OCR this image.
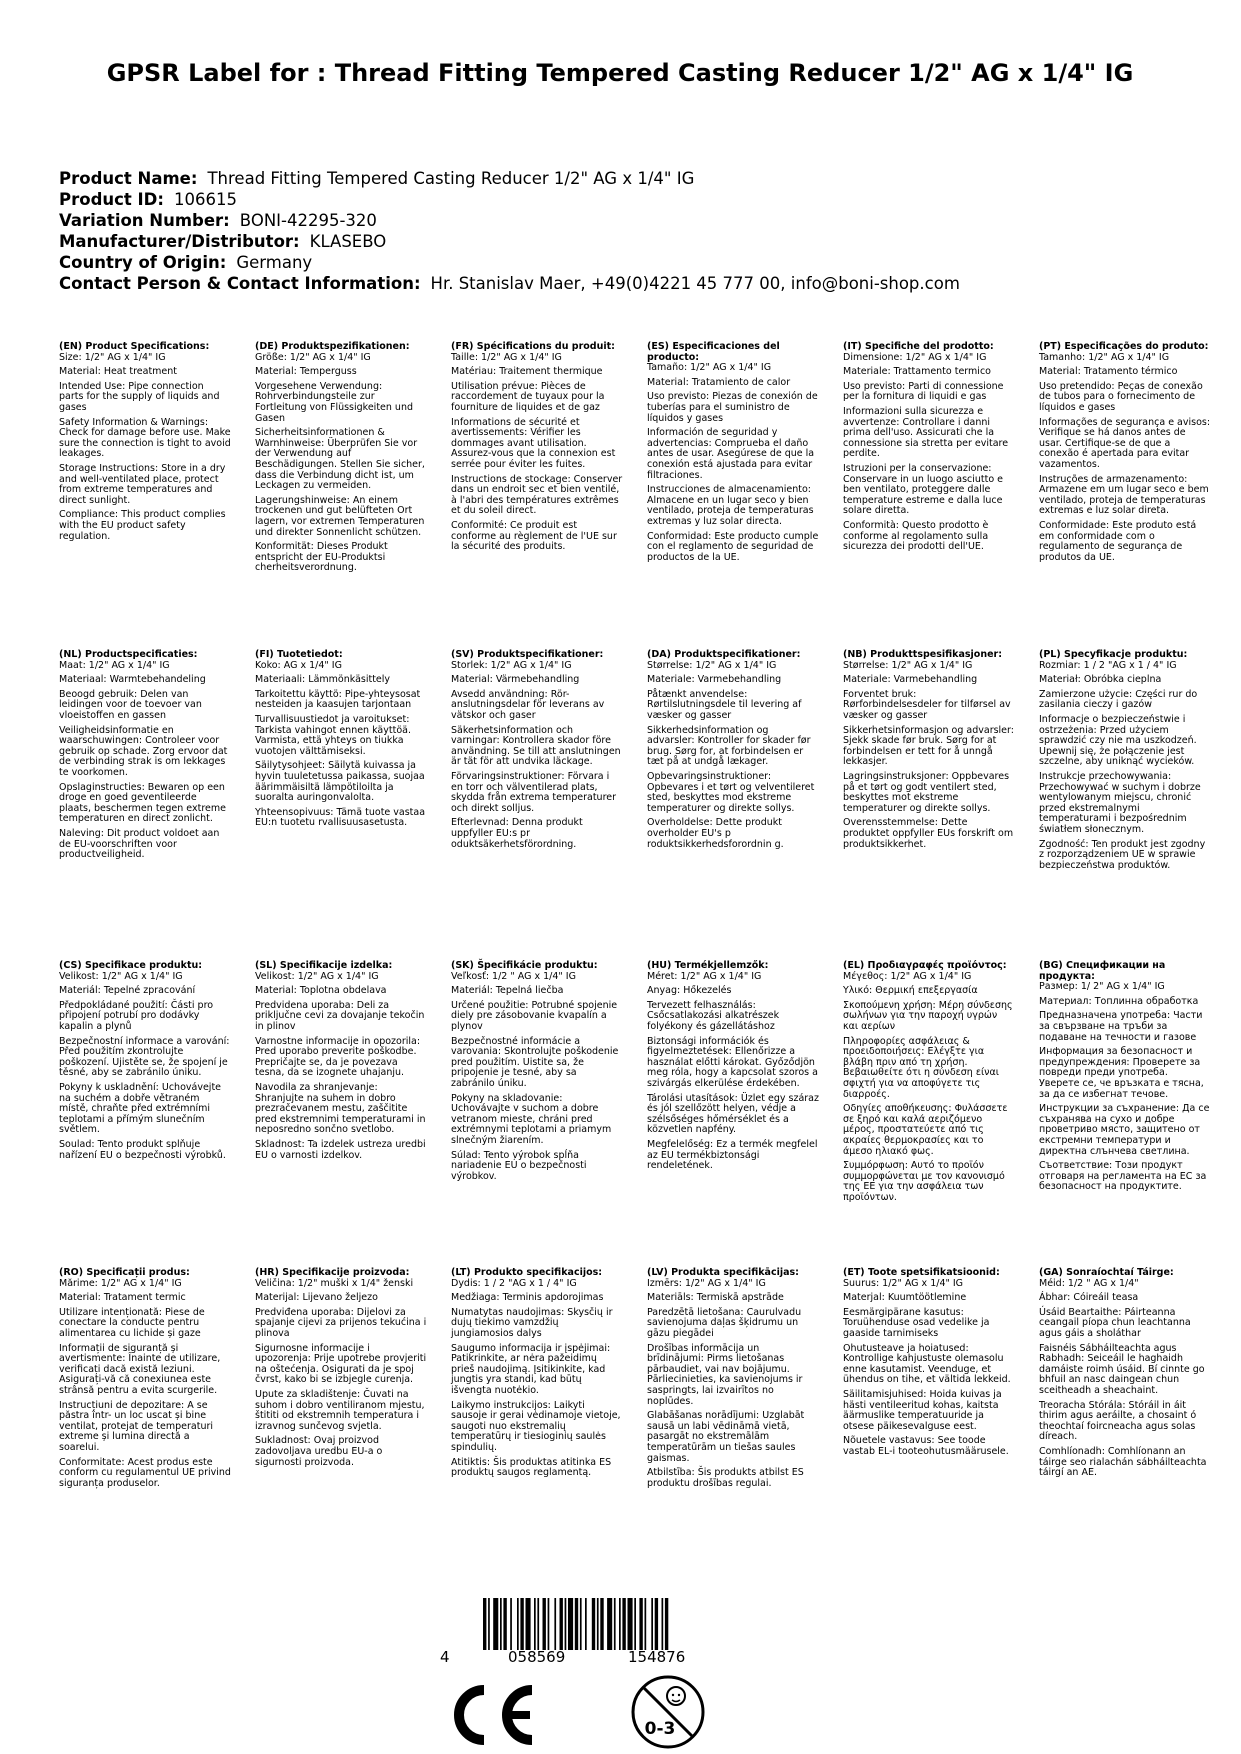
GPSR Label for : Thread Fitting Tempered Casting Reducer 1/2" AG x 1/4" IG
Product Name: Thread Fitting Tempered Casting Reducer 1/2" AG x 1/4" IG
Product ID: 106615
Variation Number: BONI-42295-320
Manufacturer/Distributor: KLASEBO
Country of Origin: Germany
Contact Person & Contact Information: Hr. Stanislav Maer, +49(0)4221 45 777 00, info@boni-shop.com
(EN) Product Specifications:
Size: 1/2" AG x 1/4" IG
Material: Heat treatment
Intended Use: Pipe connection parts for the supply of liquids and gases
Safety Information & Warnings: Check for damage before use. Make sure the connection is tight to avoid leakages.
Storage Instructions: Store in a dry and well-ventilated place, protect from extreme temperatures and direct sunlight.
Compliance: This product complies with the EU product safety regulation.
(DE) Produktspezifikationen:
Größe: 1/2" AG x 1/4" IG
Material: Temperguss
Vorgesehene Verwendung: Rohrverbindungsteile zur Fortleitung von Flüssigkeiten und Gasen
Sicherheitsinformationen & Warnhinweise: Überprüfen Sie vor der Verwendung auf Beschädigungen. Stellen Sie sicher, dass die Verbindung dicht ist, um Leckagen zu vermeiden.
Lagerungshinweise: An einem trockenen und gut belüfteten Ort lagern, vor extremen Temperaturen und direkter Sonnenlicht schützen.
Konformität: Dieses Produkt entspricht der EU-Produktsi cherheitsverordnung.
(FR) Spécifications du produit:
Taille: 1/2" AG x 1/4" IG
Matériau: Traitement thermique
Utilisation prévue: Pièces de raccordement de tuyaux pour la fourniture de liquides et de gaz
Informations de sécurité et avertissements: Vérifier les dommages avant utilisation. Assurez-vous que la connexion est serrée pour éviter les fuites.
Instructions de stockage: Conserver dans un endroit sec et bien ventilé, à l'abri des températures extrêmes et du soleil direct.
Conformité: Ce produit est conforme au règlement de l'UE sur la sécurité des produits.
(ES) Especificaciones del producto:
Tamaño: 1/2" AG x 1/4" IG
Material: Tratamiento de calor
Uso previsto: Piezas de conexión de tuberías para el suministro de líquidos y gases
Información de seguridad y advertencias: Comprueba el daño antes de usar. Asegúrese de que la conexión está ajustada para evitar filtraciones.
Instrucciones de almacenamiento: Almacene en un lugar seco y bien ventilado, proteja de temperaturas extremas y luz solar directa.
Conformidad: Este producto cumple con el reglamento de seguridad de productos de la UE.
(IT) Specifiche del prodotto:
Dimensione: 1/2" AG x 1/4" IG
Materiale: Trattamento termico
Uso previsto: Parti di connessione per la fornitura di liquidi e gas
Informazioni sulla sicurezza e avvertenze: Controllare i danni prima dell'uso. Assicurati che la connessione sia stretta per evitare perdite.
Istruzioni per la conservazione: Conservare in un luogo asciutto e ben ventilato, proteggere dalle temperature estreme e dalla luce solare diretta.
Conformità: Questo prodotto è conforme al regolamento sulla sicurezza dei prodotti dell'UE.
(PT) Especificações do produto:
Tamanho: 1/2" AG x 1/4" IG
Material: Tratamento térmico
Uso pretendido: Peças de conexão de tubos para o fornecimento de líquidos e gases
Informações de segurança e avisos: Verifique se há danos antes de usar. Certifique-se de que a conexão é apertada para evitar vazamentos.
Instruções de armazenamento: Armazene em um lugar seco e bem ventilado, proteja de temperaturas extremas e luz solar direta.
Conformidade: Este produto está em conformidade com o regulamento de segurança de produtos da UE.
(NL) Productspecificaties:
Maat: 1/2" AG x 1/4" IG
Materiaal: Warmtebehandeling
Beoogd gebruik: Delen van leidingen voor de toevoer van vloeistoffen en gassen
Veiligheidsinformatie en waarschuwingen: Controleer voor gebruik op schade. Zorg ervoor dat de verbinding strak is om lekkages te voorkomen.
Opslaginstructies: Bewaren op een droge en goed geventileerde plaats, beschermen tegen extreme temperaturen en direct zonlicht.
Naleving: Dit product voldoet aan de EU-voorschriften voor productveiligheid.
(FI) Tuotetiedot:
Koko: AG x 1/4" IG
Materiaali: Lämmönkäsittely
Tarkoitettu käyttö: Pipe-yhteysosat nesteiden ja kaasujen tarjontaan
Turvallisuustiedot ja varoitukset: Tarkista vahingot ennen käyttöä. Varmista, että yhteys on tiukka vuotojen välttämiseksi.
Säilytysohjeet: Säilytä kuivassa ja hyvin tuuletetussa paikassa, suojaa äärimmäisiltä lämpötiloilta ja suoralta auringonvalolta.
Yhteensopivuus: Tämä tuote vastaa EU:n tuotetu rvallisuusasetusta.
(SV) Produktspecifikationer:
Storlek: 1/2" AG x 1/4" IG
Material: Värmebehandling
Avsedd användning: Rör-anslutningsdelar för leverans av vätskor och gaser
Säkerhetsinformation och varningar: Kontrollera skador före användning. Se till att anslutningen är tät för att undvika läckage.
Förvaringsinstruktioner: Förvara i en torr och välventilerad plats, skydda från extrema temperaturer och direkt solljus.
Efterlevnad: Denna produkt uppfyller EU:s pr oduktsäkerhetsförordning.
(DA) Produktspecifikationer:
Størrelse: 1/2" AG x 1/4" IG
Materiale: Varmebehandling
Påtænkt anvendelse: Rørtilslutningsdele til levering af væsker og gasser
Sikkerhedsinformation og advarsler: Kontroller for skader før brug. Sørg for, at forbindelsen er tæt på at undgå lækager.
Opbevaringsinstruktioner: Opbevares i et tørt og velventileret sted, beskyttes mod ekstreme temperaturer og direkte sollys.
Overholdelse: Dette produkt overholder EU's p roduktsikkerhedsforordnin g.
(NB) Produkttspesifikasjoner:
Størrelse: 1/2" AG x 1/4" IG
Materiale: Varmebehandling
Forventet bruk: Rørforbindelsesdeler for tilførsel av væsker og gasser
Sikkerhetsinformasjon og advarsler: Sjekk skade før bruk. Sørg for at forbindelsen er tett for å unngå lekkasjer.
Lagringsinstruksjoner: Oppbevares på et tørt og godt ventilert sted, beskyttes mot ekstreme temperaturer og direkte sollys.
Overensstemmelse: Dette produktet oppfyller EUs forskrift om produktsikkerhet.
(PL) Specyfikacje produktu:
Rozmiar: 1 / 2 "AG x 1 / 4" IG
Materiał: Obróbka cieplna
Zamierzone użycie: Części rur do zasilania cieczy i gazów
Informacje o bezpieczeństwie i ostrzeżenia: Przed użyciem sprawdzić czy nie ma uszkodzeń. Upewnij się, że połączenie jest szczelne, aby uniknąć wycieków.
Instrukcje przechowywania: Przechowywać w suchym i dobrze wentylowanym miejscu, chronić przed ekstremalnymi temperaturami i bezpośrednim światłem słonecznym.
Zgodność: Ten produkt jest zgodny z rozporządzeniem UE w sprawie bezpieczeństwa produktów.
(CS) Specifikace produktu:
Velikost: 1/2" AG x 1/4" IG
Materiál: Tepelné zpracování
Předpokládané použití: Části pro připojení potrubí pro dodávky kapalin a plynů
Bezpečnostní informace a varování: Před použitím zkontrolujte poškození. Ujistěte se, že spojení je těsné, aby se zabránilo úniku.
Pokyny k uskladnění: Uchovávejte na suchém a dobře větraném místě, chraňte před extrémními teplotami a přímým slunečním světlem.
Soulad: Tento produkt splňuje nařízení EU o bezpečnosti výrobků.
(SL) Specifikacije izdelka:
Velikost: 1/2" AG x 1/4" IG
Material: Toplotna obdelava
Predvidena uporaba: Deli za priključne cevi za dovajanje tekočin in plinov
Varnostne informacije in opozorila: Pred uporabo preverite poškodbe. Prepričajte se, da je povezava tesna, da se izognete uhajanju.
Navodila za shranjevanje: Shranjujte na suhem in dobro prezračevanem mestu, zaščitite pred ekstremnimi temperaturami in neposredno sončno svetlobo.
Skladnost: Ta izdelek ustreza uredbi EU o varnosti izdelkov.
(SK) Špecifikácie produktu:
Veľkosť: 1/2 " AG x 1/4" IG
Materiál: Tepelná liečba
Určené použitie: Potrubné spojenie diely pre zásobovanie kvapalín a plynov
Bezpečnostné informácie a varovania: Skontrolujte poškodenie pred použitím. Uistite sa, že pripojenie je tesné, aby sa zabránilo úniku.
Pokyny na skladovanie: Uchovávajte v suchom a dobre vetranom mieste, chráni pred extrémnymi teplotami a priamym slnečným žiarením.
Súlad: Tento výrobok spĺňa nariadenie EÚ o bezpečnosti výrobkov.
(HU) Termékjellemzők:
Méret: 1/2" AG x 1/4" IG
Anyag: Hőkezelés
Tervezett felhasználás: Csőcsatlakozási alkatrészek folyékony és gázellátáshoz
Biztonsági információk és figyelmeztetések: Ellenőrizze a használat előtti károkat. Győződjön meg róla, hogy a kapcsolat szoros a szivárgás elkerülése érdekében.
Tárolási utasítások: Üzlet egy száraz és jól szellőzött helyen, védje a szélsőséges hőmérséklet és a közvetlen napfény.
Megfelelőség: Ez a termék megfelel az EU termékbiztonsági rendeletének.
(EL) Προδιαγραφές προϊόντος:
Μέγεθος: 1/2" AG x 1/4" IG
Υλικό: Θερμική επεξεργασία
Σκοπούμενη χρήση: Μέρη σύνδεσης σωλήνων για την παροχή υγρών και αερίων
Πληροφορίες ασφάλειας & προειδοποιήσεις: Ελέγξτε για βλάβη πριν από τη χρήση. Βεβαιωθείτε ότι η σύνδεση είναι σφιχτή για να αποφύγετε τις διαρροές.
Οδηγίες αποθήκευσης: Φυλάσσετε σε ξηρό και καλά αεριζόμενο μέρος, προστατεύετε από τις ακραίες θερμοκρασίες και το άμεσο ηλιακό φως.
Συμμόρφωση: Αυτό το προϊόν συμμορφώνεται με τον κανονισμό της ΕΕ για την ασφάλεια των προϊόντων.
(BG) Спецификации на продукта:
Размер: 1/ 2" AG x 1/4" IG
Материал: Топлинна обработка
Предназначена употреба: Части за свързване на тръби за подаване на течности и газове
Информация за безопасност и предупреждения: Проверете за повреди преди употреба. Уверете се, че връзката е тясна, за да се избегнат течове.
Инструкции за съхранение: Да се съхранява на сухо и добре проветриво място, защитено от екстремни температури и директна слънчева светлина.
Съответствие: Този продукт отговаря на регламента на ЕС за безопасност на продуктите.
(RO) Specificații produs:
Mărime: 1/2" AG x 1/4" IG
Material: Tratament termic
Utilizare intenționată: Piese de conectare la conducte pentru alimentarea cu lichide și gaze
Informații de siguranță și avertismente: Înainte de utilizare, verificați dacă există leziuni. Asigurați-vă că conexiunea este strânsă pentru a evita scurgerile.
Instrucțiuni de depozitare: A se păstra într- un loc uscat și bine ventilat, protejat de temperaturi extreme și lumina directă a soarelui.
Conformitate: Acest produs este conform cu regulamentul UE privind siguranța produselor.
(HR) Specifikacije proizvoda:
Veličina: 1/2" muški x 1/4" ženski
Materijal: Lijevano željezo
Predviđena uporaba: Dijelovi za spajanje cijevi za prijenos tekućina i plinova
Sigurnosne informacije i upozorenja: Prije upotrebe provjeriti na oštećenja. Osigurati da je spoj čvrst, kako bi se izbjegle curenja.
Upute za skladištenje: Čuvati na suhom i dobro ventiliranom mjestu, štititi od ekstremnih temperatura i izravnog sunčevog svjetla.
Sukladnost: Ovaj proizvod zadovoljava uredbu EU-a o sigurnosti proizvoda.
(LT) Produkto specifikacijos:
Dydis: 1 / 2 "AG x 1 / 4" IG
Medžiaga: Terminis apdorojimas
Numatytas naudojimas: Skysčių ir dujų tiekimo vamzdžių jungiamosios dalys
Saugumo informacija ir įspėjimai: Patikrinkite, ar nėra pažeidimų prieš naudojimą. Įsitikinkite, kad jungtis yra standi, kad būtų išvengta nuotėkio.
Laikymo instrukcijos: Laikyti sausoje ir gerai vėdinamoje vietoje, saugoti nuo ekstremalių temperatūrų ir tiesioginių saulės spindulių.
Atitiktis: Šis produktas atitinka ES produktų saugos reglamentą.
(LV) Produkta specifikācijas:
Izmērs: 1/2" AG x 1/4" IG
Materiāls: Termiskā apstrāde
Paredzētā lietošana: Caurulvadu savienojuma daļas šķidrumu un gāzu piegādei
Drošības informācija un brīdinājumi: Pirms lietošanas pārbaudiet, vai nav bojājumu. Pārliecinieties, ka savienojums ir saspringts, lai izvairītos no noplūdes.
Glabāšanas norādījumi: Uzglabāt sausā un labi vēdināmā vietā, pasargāt no ekstremālām temperatūrām un tiešas saules gaismas.
Atbilstība: Šis produkts atbilst ES produktu drošības regulai.
(ET) Toote spetsifikatsioonid:
Suurus: 1/2" AG x 1/4" IG
Materjal: Kuumtöötlemine
Eesmärgipärane kasutus: Toruühenduse osad vedelike ja gaaside tarnimiseks
Ohutusteave ja hoiatused: Kontrollige kahjustuste olemasolu enne kasutamist. Veenduge, et ühendus on tihe, et vältida lekkeid.
Säilitamisjuhised: Hoida kuivas ja hästi ventileeritud kohas, kaitsta äärmuslike temperatuuride ja otsese päikesevalguse eest.
Nõuetele vastavus: See toode vastab EL-i tooteohutusmäärusele.
(GA) Sonraíochtaí Táirge:
Méid: 1/2 " AG x 1/4"
Ábhar: Cóireáil teasa
Úsáid Beartaithe: Páirteanna ceangail píopa chun leachtanna agus gáis a sholáthar
Faisnéis Sábháilteachta agus Rabhadh: Seiceáil le haghaidh damáiste roimh úsáid. Bí cinnte go bhfuil an nasc daingean chun sceitheadh a sheachaint.
Treoracha Stórála: Stóráil in áit thirim agus aeráilte, a chosaint ó theochtaí foircneacha agus solas díreach.
Comhlíonadh: Comhlíonann an táirge seo rialachán sábháilteachta táirgí an AE.
4	058569	154876
0-3
